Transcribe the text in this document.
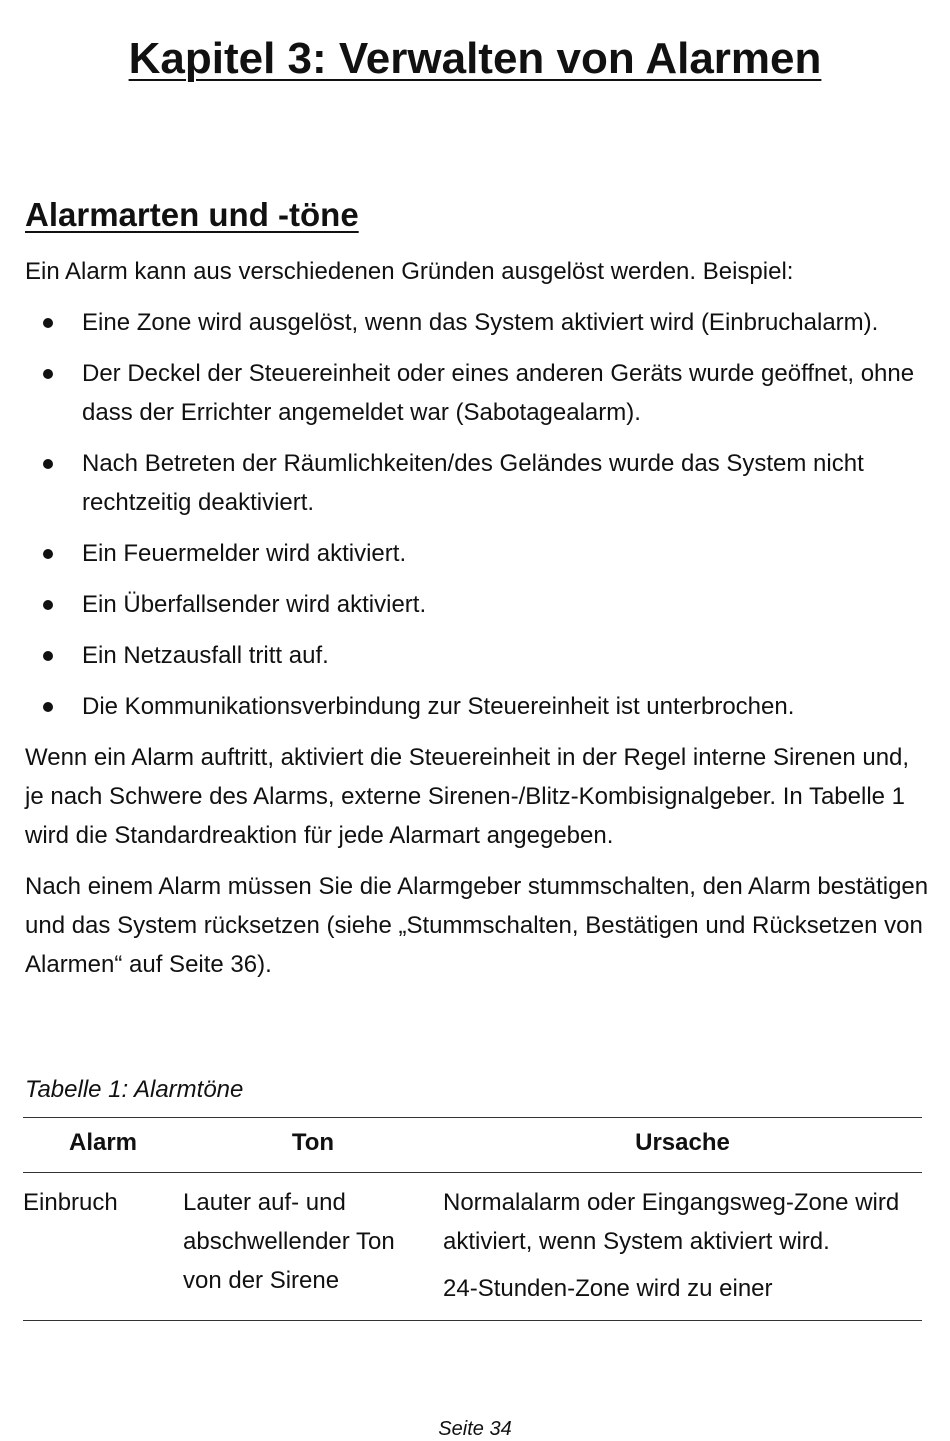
Kapitel 3: Verwalten von Alarmen
Alarmarten und -töne

Ein Alarm kann aus verschiedenen Gründen ausgelöst werden. Beispiel:

Eine Zone wird ausgelöst, wenn das System aktiviert wird (Einbruchalarm).
Der Deckel der Steuereinheit oder eines anderen Geräts wurde geöffnet, ohne dass der Errichter angemeldet war (Sabotagealarm).
Nach Betreten der Räumlichkeiten/des Geländes wurde das System nicht rechtzeitig deaktiviert.
Ein Feuermelder wird aktiviert.
Ein Überfallsender wird aktiviert.
Ein Netzausfall tritt auf.
Die Kommunikationsverbindung zur Steuereinheit ist unterbrochen.

Wenn ein Alarm auftritt, aktiviert die Steuereinheit in der Regel interne Sirenen und, je nach Schwere des Alarms, externe Sirenen-/Blitz-Kombisignalgeber. In Tabelle 1 wird die Standardreaktion für jede Alarmart angegeben.

Nach einem Alarm müssen Sie die Alarmgeber stummschalten, den Alarm bestätigen und das System rücksetzen (siehe „Stummschalten, Bestätigen und Rücksetzen von Alarmen“ auf Seite 36).

Tabelle 1: Alarmtöne

Alarm	Ton	Ursache
Einbruch	Lauter auf- und abschwellender Ton von der Sirene	Normalalarm oder Eingangsweg-Zone wird aktiviert, wenn System aktiviert wird.

24-Stunden-Zone wird zu einer

Seite 34
